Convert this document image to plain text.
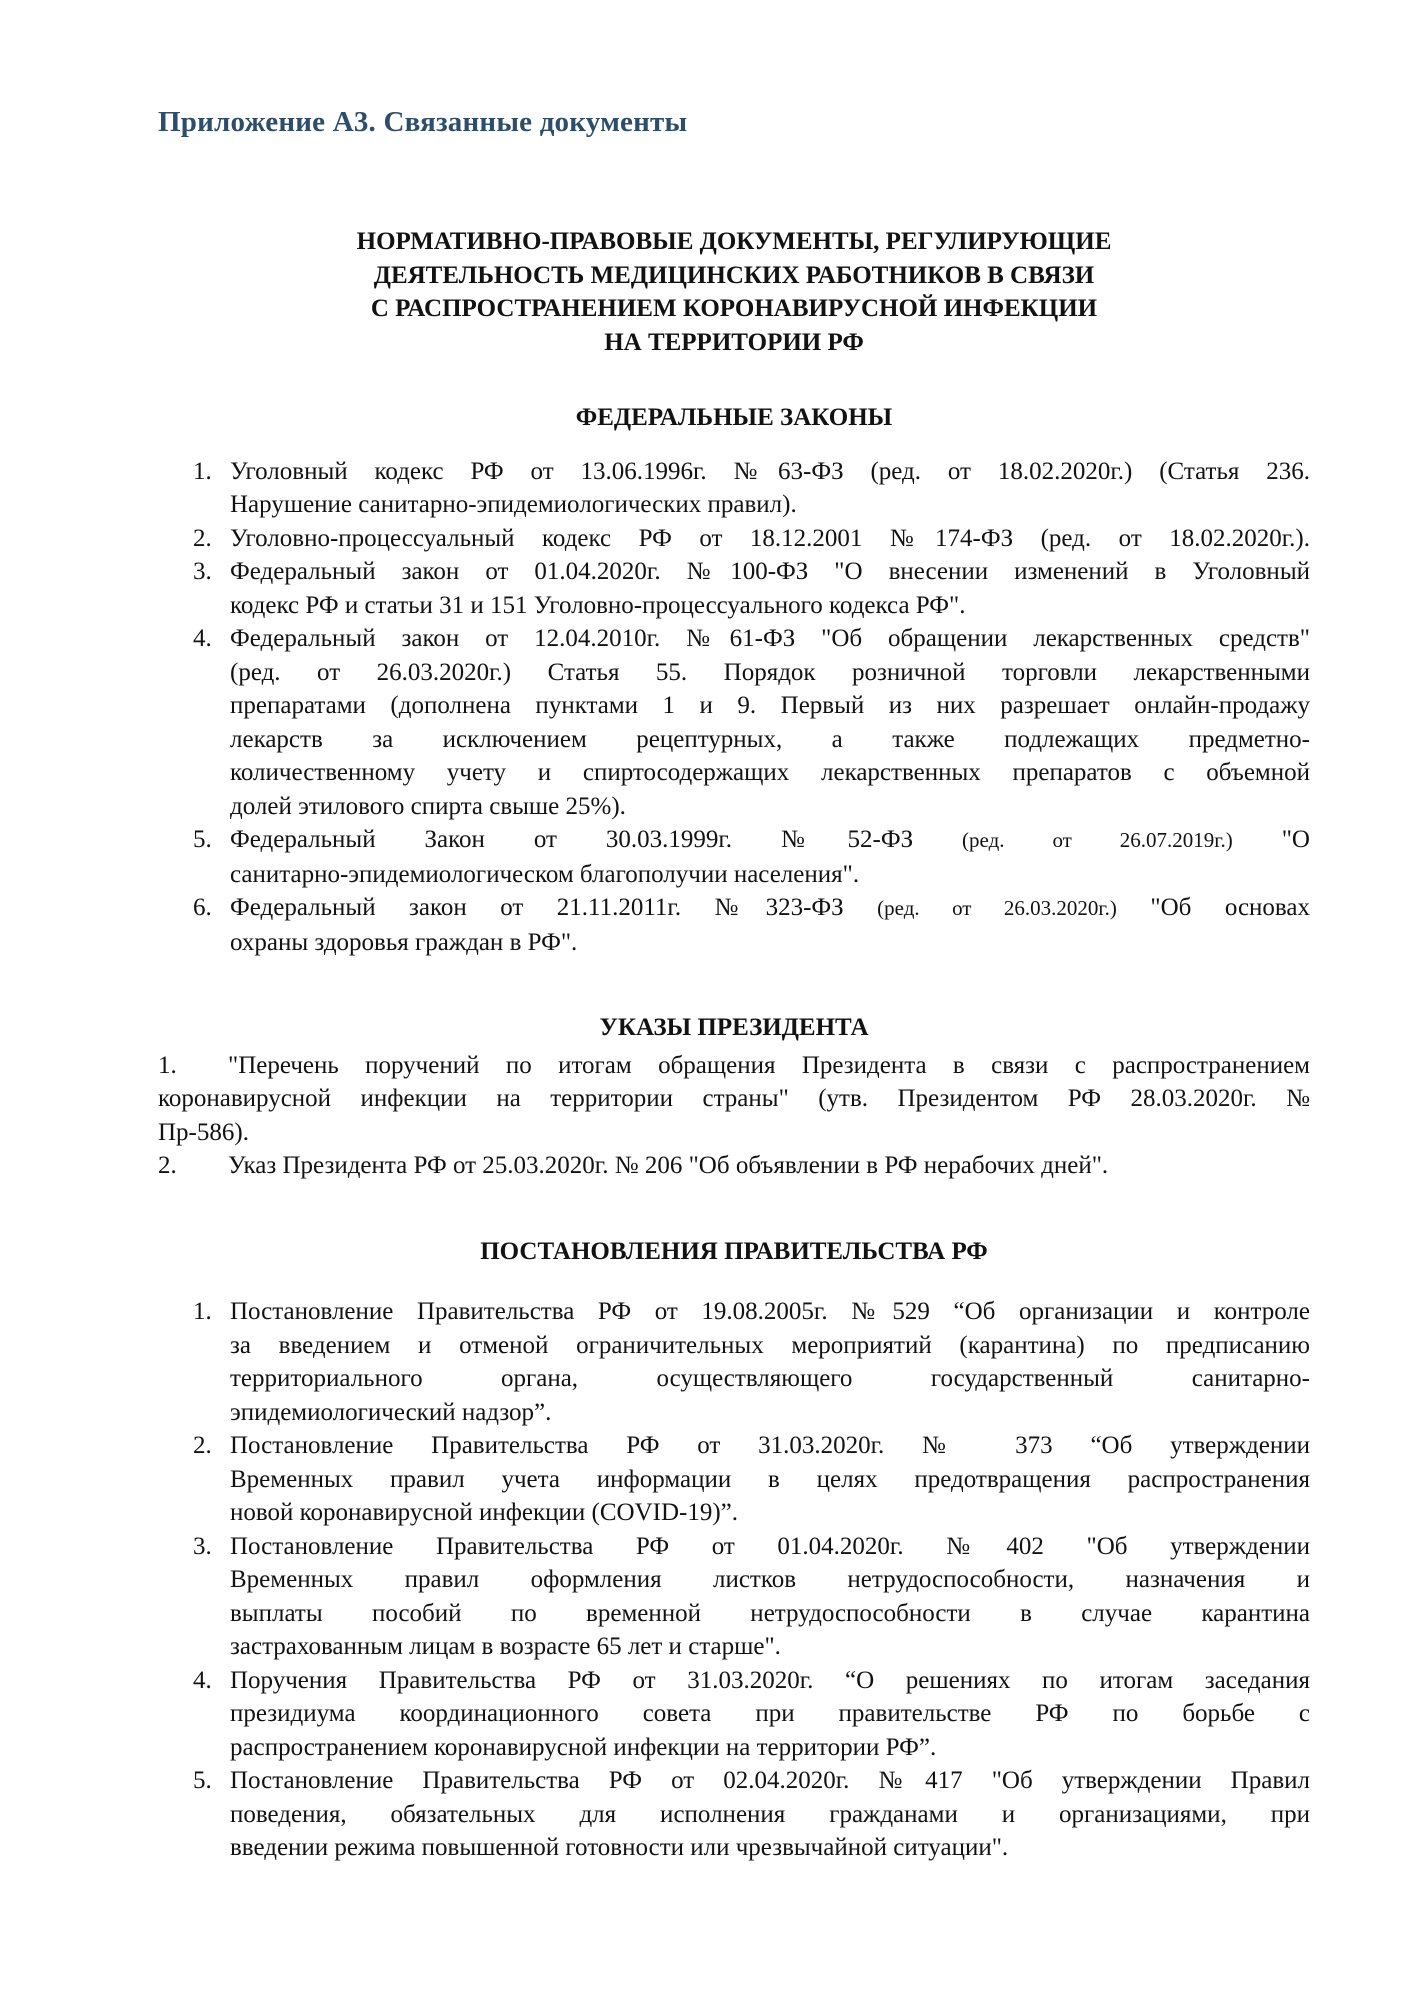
Приложение А3. Связанные документы
НОРМАТИВНО-ПРАВОВЫЕ ДОКУМЕНТЫ, РЕГУЛИРУЮЩИЕ
ДЕЯТЕЛЬНОСТЬ МЕДИЦИНСКИХ РАБОТНИКОВ В СВЯЗИ
С РАСПРОСТРАНЕНИЕМ КОРОНАВИРУСНОЙ ИНФЕКЦИИ
НА ТЕРРИТОРИИ РФ
ФЕДЕРАЛЬНЫЕ ЗАКОНЫ
1. Уголовный кодекс РФ от 13.06.1996г. №63-ФЗ (ред. от 18.02.2020г.) (Статья 236.
Нарушение санитарно-эпидемиологических правил).
2. Уголовно-процессуальный кодекс РФ от 18.12.2001 №174-ФЗ (ред. от 18.02.2020г.).
3. Федеральный закон от 01.04.2020г. №100-ФЗ "О внесении изменений в Уголовный
кодекс РФ и статьи 31 и 151 Уголовно-процессуального кодекса РФ".
4. Федеральный закон от 12.04.2010г. №61-ФЗ "Об обращении лекарственных средств"
(ред. от 26.03.2020г.) Статья 55. Порядок розничной торговли лекарственными
препаратами (дополнена пунктами 1 и 9. Первый из них разрешает онлайн-продажу
лекарств за исключением рецептурных, а также подлежащих предметно-
количественному учету и спиртосодержащих лекарственных препаратов с объемной
долей этилового спирта свыше 25%).
5. Федеральный Закон от 30.03.1999г. №52-ФЗ (ред. от 26.07.2019г.) "О
санитарно-эпидемиологическом благополучии населения".
6. Федеральный закон от 21.11.2011г. №323-ФЗ (ред. от 26.03.2020г.) "Об основах
охраны здоровья граждан в РФ".
УКАЗЫ ПРЕЗИДЕНТА
1. "Перечень поручений по итогам обращения Президента в связи с распространением
коронавирусной инфекции на территории страны" (утв. Президентом РФ 28.03.2020г. №
Пр-586).
2. Указ Президента РФ от 25.03.2020г. № 206 "Об объявлении в РФ нерабочих дней".
ПОСТАНОВЛЕНИЯ ПРАВИТЕЛЬСТВА РФ
1. Постановление Правительства РФ от 19.08.2005г. №529 “Об организации и контроле
за введением и отменой ограничительных мероприятий (карантина) по предписанию
территориального органа, осуществляющего государственный санитарно-
эпидемиологический надзор”.
2. Постановление Правительства РФ от 31.03.2020г. № 373 “Об утверждении
Временных правил учета информации в целях предотвращения распространения
новой коронавирусной инфекции (COVID-19)”.
3. Постановление Правительства РФ от 01.04.2020г. №402 "Об утверждении
Временных правил оформления листков нетрудоспособности, назначения и
выплаты пособий по временной нетрудоспособности в случае карантина
застрахованным лицам в возрасте 65 лет и старше".
4. Поручения Правительства РФ от 31.03.2020г. “О решениях по итогам заседания
президиума координационного совета при правительстве РФ по борьбе с
распространением коронавирусной инфекции на территории РФ”.
5. Постановление Правительства РФ от 02.04.2020г. №417 "Об утверждении Правил
поведения, обязательных для исполнения гражданами и организациями, при
введении режима повышенной готовности или чрезвычайной ситуации".
